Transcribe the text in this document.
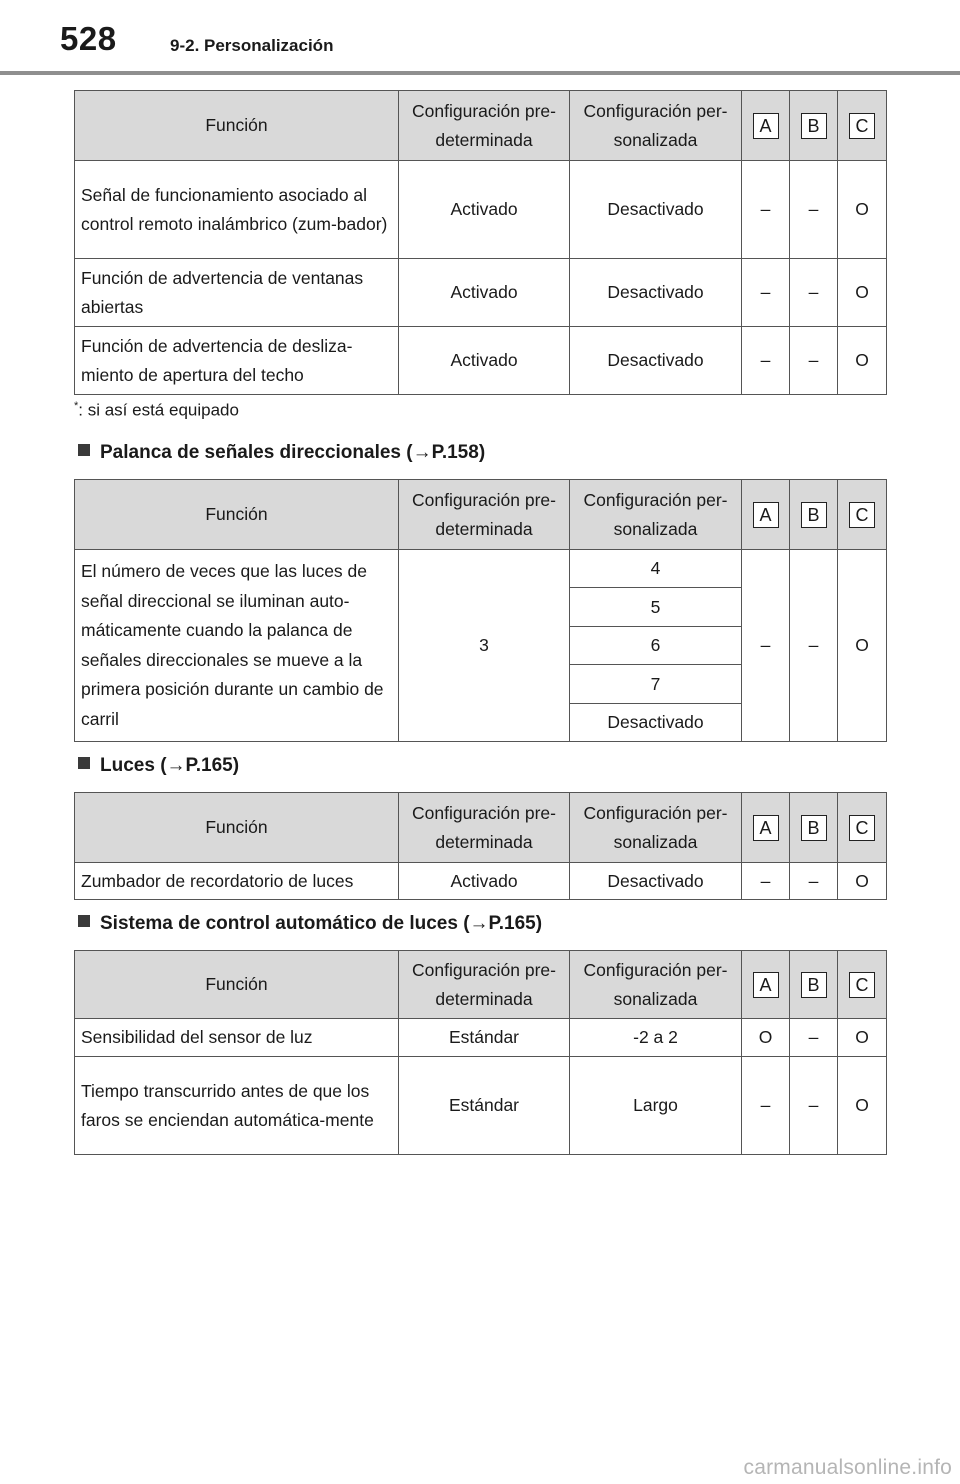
528	9-2. Personalización
Función	Configuración pre-determinada	Configuración per-sonalizada	A	B	C
Señal de funcionamiento asociado al control remoto inalámbrico (zum-bador)	Activado	Desactivado	–	–	O
Función de advertencia de ventanas abiertas	Activado	Desactivado	–	–	O
Función de advertencia de desliza-miento de apertura del techo	Activado	Desactivado	–	–	O
*: si así está equipado
Palanca de señales direccionales (→P.158)
Función	Configuración pre-determinada	Configuración per-sonalizada	A	B	C
El número de veces que las luces de señal direccional se iluminan auto-máticamente cuando la palanca de señales direccionales se mueve a la primera posición durante un cambio de carril	3	4	–	–	O
		5			
		6			
		7			
		Desactivado			
Luces (→P.165)
Función	Configuración pre-determinada	Configuración per-sonalizada	A	B	C
Zumbador de recordatorio de luces	Activado	Desactivado	–	–	O
Sistema de control automático de luces (→P.165)
Función	Configuración pre-determinada	Configuración per-sonalizada	A	B	C
Sensibilidad del sensor de luz	Estándar	-2 a 2	O	–	O
Tiempo transcurrido antes de que los faros se enciendan automática-mente	Estándar	Largo	–	–	O
carmanualsonline.info
